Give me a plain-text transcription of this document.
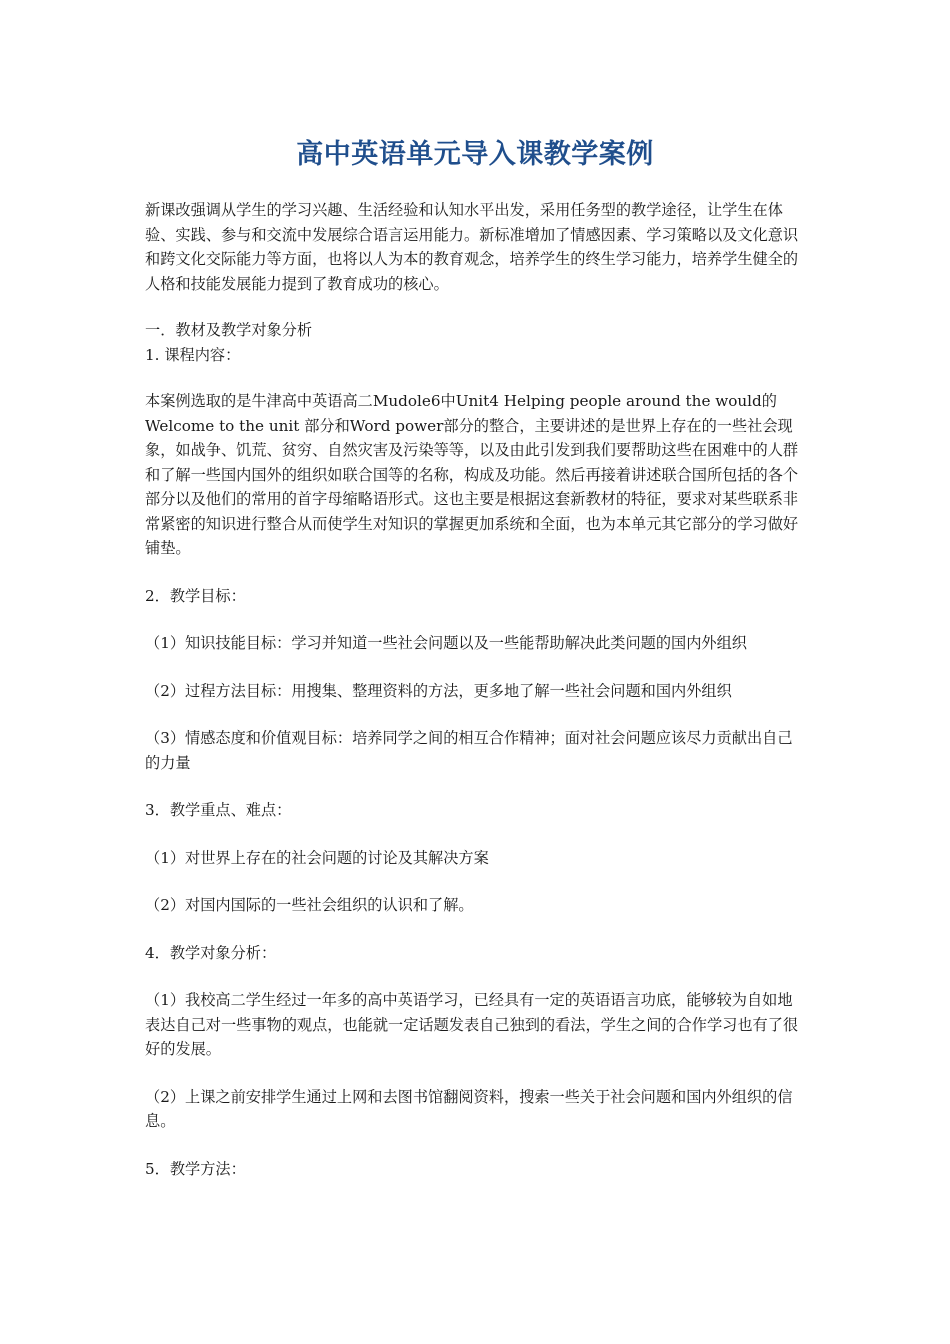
高中英语单元导入课教学案例

新课改强调从学生的学习兴趣、生活经验和认知水平出发，采用任务型的教学途径，让学生在体验、实践、参与和交流中发展综合语言运用能力。新标准增加了情感因素、学习策略以及文化意识和跨文化交际能力等方面，也将以人为本的教育观念，培养学生的终生学习能力，培养学生健全的人格和技能发展能力提到了教育成功的核心。

一．教材及教学对象分析

1. 课程内容：

本案例选取的是牛津高中英语高二Mudole6中Unit4 Helping people around the would的Welcome to the unit 部分和Word power部分的整合，主要讲述的是世界上存在的一些社会现象，如战争、饥荒、贫穷、自然灾害及污染等等，以及由此引发到我们要帮助这些在困难中的人群和了解一些国内国外的组织如联合国等的名称，构成及功能。然后再接着讲述联合国所包括的各个部分以及他们的常用的首字母缩略语形式。这也主要是根据这套新教材的特征，要求对某些联系非常紧密的知识进行整合从而使学生对知识的掌握更加系统和全面，也为本单元其它部分的学习做好铺垫。

2．教学目标：

（1）知识技能目标：学习并知道一些社会问题以及一些能帮助解决此类问题的国内外组织

（2）过程方法目标：用搜集、整理资料的方法，更多地了解一些社会问题和国内外组织

（3）情感态度和价值观目标：培养同学之间的相互合作精神；面对社会问题应该尽力贡献出自己的力量

3．教学重点、难点：

（1）对世界上存在的社会问题的讨论及其解决方案

（2）对国内国际的一些社会组织的认识和了解。

4．教学对象分析：

（1）我校高二学生经过一年多的高中英语学习，已经具有一定的英语语言功底，能够较为自如地表达自己对一些事物的观点，也能就一定话题发表自己独到的看法，学生之间的合作学习也有了很好的发展。

（2）上课之前安排学生通过上网和去图书馆翻阅资料，搜索一些关于社会问题和国内外组织的信息。

5．教学方法：
